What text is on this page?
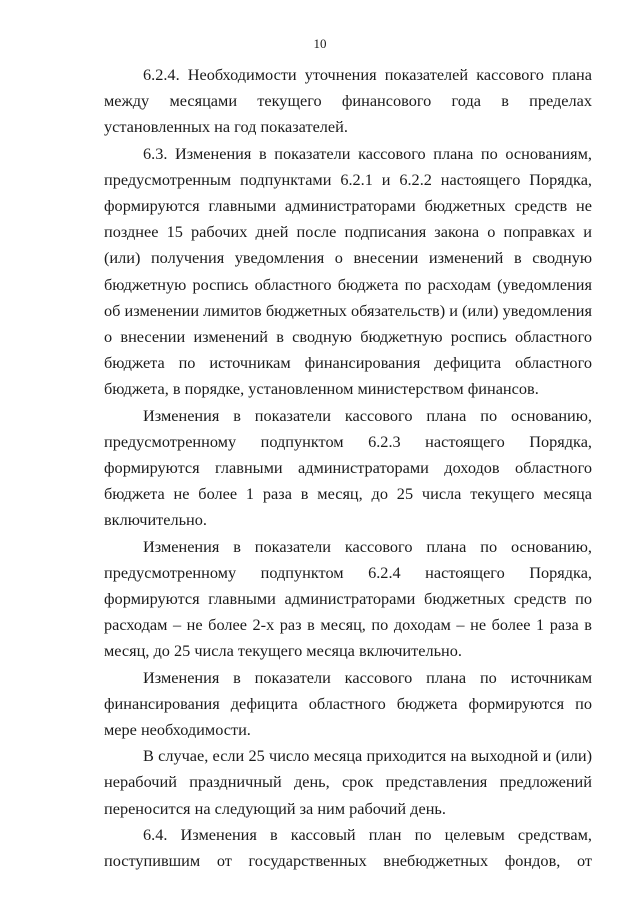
10

6.2.4. Необходимости уточнения показателей кассового плана между месяцами текущего финансового года в пределах установленных на год показателей.

6.3. Изменения в показатели кассового плана по основаниям, предусмотренным подпунктами 6.2.1 и 6.2.2 настоящего Порядка, формируются главными администраторами бюджетных средств не позднее 15 рабочих дней после подписания закона о поправках и (или) получения уведомления о внесении изменений в сводную бюджетную роспись областного бюджета по расходам (уведомления об изменении лимитов бюджетных обязательств) и (или) уведомления о внесении изменений в сводную бюджетную роспись областного бюджета по источникам финансирования дефицита областного бюджета, в порядке, установленном министерством финансов.

Изменения в показатели кассового плана по основанию, предусмотренному подпунктом 6.2.3 настоящего Порядка, формируются главными администраторами доходов областного бюджета не более 1 раза в месяц, до 25 числа текущего месяца включительно.

Изменения в показатели кассового плана по основанию, предусмотренному подпунктом 6.2.4 настоящего Порядка, формируются главными администраторами бюджетных средств по расходам – не более 2-х раз в месяц, по доходам – не более 1 раза в месяц, до 25 числа текущего месяца включительно.

Изменения в показатели кассового плана по источникам финансирования дефицита областного бюджета формируются по мере необходимости.

В случае, если 25 число месяца приходится на выходной и (или) нерабочий праздничный день, срок представления предложений переносится на следующий за ним рабочий день.

6.4. Изменения в кассовый план по целевым средствам, поступившим от государственных внебюджетных фондов, от
